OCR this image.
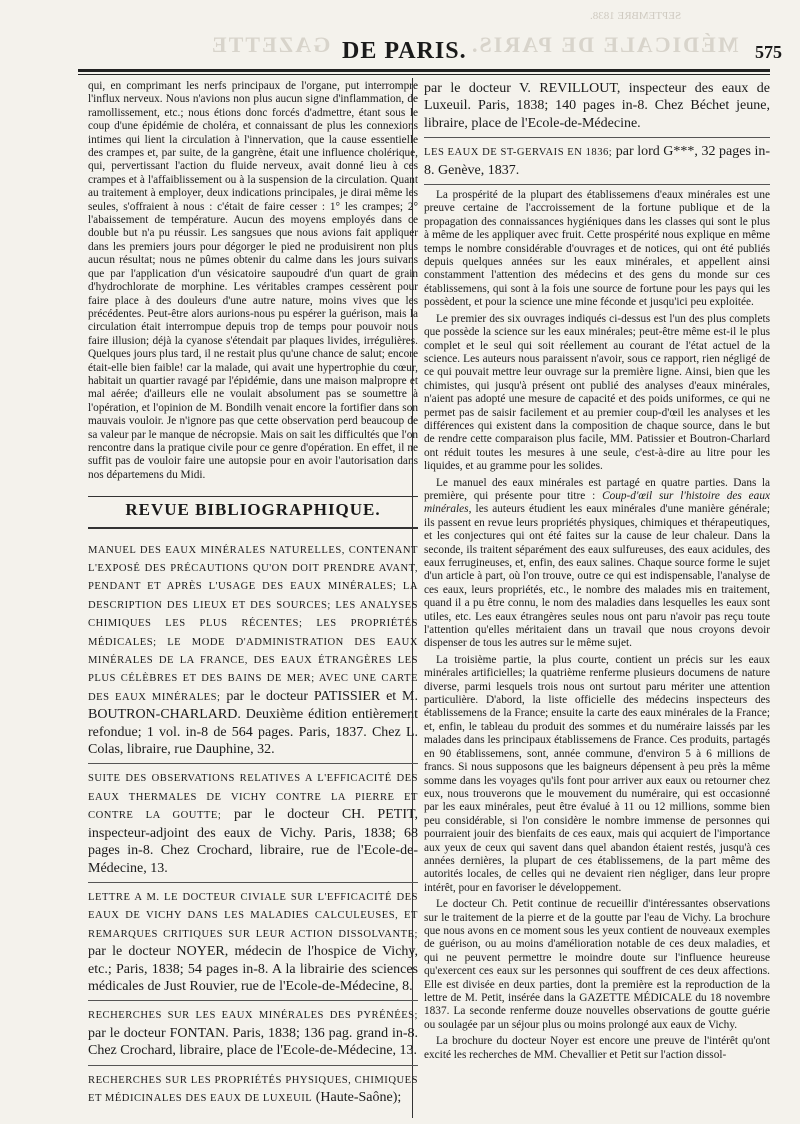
GAZETTE	MÉDICALE DE PARIS.
SEPTEMBRE 1838.
DE PARIS.	575

qui, en comprimant les nerfs principaux de l'organe, put interrompre l'influx nerveux. Nous n'avions non plus aucun signe d'inflammation, de ramollissement, etc.; nous étions donc forcés d'admettre, étant sous le coup d'une épidémie de choléra, et connaissant de plus les connexions intimes qui lient la circulation à l'innervation, que la cause essentielle des crampes et, par suite, de la gangrène, était une influence cholérique, qui, pervertissant l'action du fluide nerveux, avait donné lieu à ces crampes et à l'affaiblissement ou à la suspension de la circulation. Quant au traitement à employer, deux indications principales, je dirai même les seules, s'offraient à nous : c'était de faire cesser : 1° les crampes; 2° l'abaissement de température. Aucun des moyens employés dans ce double but n'a pu réussir. Les sangsues que nous avions fait appliquer dans les premiers jours pour dégorger le pied ne produisirent non plus aucun résultat; nous ne pûmes obtenir du calme dans les jours suivans que par l'application d'un vésicatoire saupoudré d'un quart de grain d'hydrochlorate de morphine. Les véritables crampes cessèrent pour faire place à des douleurs d'une autre nature, moins vives que les précédentes. Peut-être alors aurions-nous pu espérer la guérison, mais la circulation était interrompue depuis trop de temps pour pouvoir nous faire illusion; déjà la cyanose s'étendait par plaques livides, irrégulières. Quelques jours plus tard, il ne restait plus qu'une chance de salut; encore était-elle bien faible! car la malade, qui avait une hypertrophie du cœur, habitait un quartier ravagé par l'épidémie, dans une maison malpropre et mal aérée; d'ailleurs elle ne voulait absolument pas se soumettre à l'opération, et l'opinion de M. Bondilh venait encore la fortifier dans son mauvais vouloir. Je n'ignore pas que cette observation perd beaucoup de sa valeur par le manque de nécropsie. Mais on sait les difficultés que l'on rencontre dans la pratique civile pour ce genre d'opération. En effet, il ne suffit pas de vouloir faire une autopsie pour en avoir l'autorisation dans nos départemens du Midi.

REVUE BIBLIOGRAPHIQUE.
MANUEL DES EAUX MINÉRALES NATURELLES, CONTENANT L'EXPOSÉ DES PRÉCAUTIONS QU'ON DOIT PRENDRE AVANT, PENDANT ET APRÈS L'USAGE DES EAUX MINÉRALES; LA DESCRIPTION DES LIEUX ET DES SOURCES; LES ANALYSES CHIMIQUES LES PLUS RÉCENTES; LES PROPRIÉTÉS MÉDICALES; LE MODE D'ADMINISTRATION DES EAUX MINÉRALES DE LA FRANCE, DES EAUX ÉTRANGÈRES LES PLUS CÉLÈBRES ET DES BAINS DE MER; AVEC UNE CARTE DES EAUX MINÉRALES; par le docteur PATISSIER et M. BOUTRON-CHARLARD. Deuxième édition entièrement refondue; 1 vol. in-8 de 564 pages. Paris, 1837. Chez L. Colas, libraire, rue Dauphine, 32.
SUITE DES OBSERVATIONS RELATIVES A L'EFFICACITÉ DES EAUX THERMALES DE VICHY CONTRE LA PIERRE ET CONTRE LA GOUTTE; par le docteur CH. PETIT, inspecteur-adjoint des eaux de Vichy. Paris, 1838; 68 pages in-8. Chez Crochard, libraire, rue de l'Ecole-de-Médecine, 13.
LETTRE A M. LE DOCTEUR CIVIALE SUR L'EFFICACITÉ DES EAUX DE VICHY DANS LES MALADIES CALCULEUSES, ET REMARQUES CRITIQUES SUR LEUR ACTION DISSOLVANTE; par le docteur NOYER, médecin de l'hospice de Vichy, etc.; Paris, 1838; 54 pages in-8. A la librairie des sciences médicales de Just Rouvier, rue de l'Ecole-de-Médecine, 8.
RECHERCHES SUR LES EAUX MINÉRALES DES PYRÉNÉES; par le docteur FONTAN. Paris, 1838; 136 pag. grand in-8. Chez Crochard, libraire, place de l'Ecole-de-Médecine, 13.
RECHERCHES SUR LES PROPRIÉTÉS PHYSIQUES, CHIMIQUES ET MÉDICINALES DES EAUX DE LUXEUIL (Haute-Saône);
par le docteur V. REVILLOUT, inspecteur des eaux de Luxeuil. Paris, 1838; 140 pages in-8. Chez Béchet jeune, libraire, place de l'Ecole-de-Médecine.
LES EAUX DE ST-GERVAIS EN 1836; par lord G***, 32 pages in-8. Genève, 1837.

La prospérité de la plupart des établissemens d'eaux minérales est une preuve certaine de l'accroissement de la fortune publique et de la propagation des connaissances hygiéniques dans les classes qui sont le plus à même de les appliquer avec fruit. Cette prospérité nous explique en même temps le nombre considérable d'ouvrages et de notices, qui ont été publiés depuis quelques années sur les eaux minérales, et appellent ainsi constamment l'attention des médecins et des gens du monde sur ces établissemens, qui sont à la fois une source de fortune pour les pays qui les possèdent, et pour la science une mine féconde et jusqu'ici peu exploitée.

Le premier des six ouvrages indiqués ci-dessus est l'un des plus complets que possède la science sur les eaux minérales; peut-être même est-il le plus complet et le seul qui soit réellement au courant de l'état actuel de la science. Les auteurs nous paraissent n'avoir, sous ce rapport, rien négligé de ce qui pouvait mettre leur ouvrage sur la première ligne. Ainsi, bien que les chimistes, qui jusqu'à présent ont publié des analyses d'eaux minérales, n'aient pas adopté une mesure de capacité et des poids uniformes, ce qui ne permet pas de saisir facilement et au premier coup-d'œil les analyses et les différences qui existent dans la composition de chaque source, dans le but de rendre cette comparaison plus facile, MM. Patissier et Boutron-Charlard ont réduit toutes les mesures à une seule, c'est-à-dire au litre pour les liquides, et au gramme pour les solides.

Le manuel des eaux minérales est partagé en quatre parties. Dans la première, qui présente pour titre : Coup-d'œil sur l'histoire des eaux minérales, les auteurs étudient les eaux minérales d'une manière générale; ils passent en revue leurs propriétés physiques, chimiques et thérapeutiques, et les conjectures qui ont été faites sur la cause de leur chaleur. Dans la seconde, ils traitent séparément des eaux sulfureuses, des eaux acidules, des eaux ferrugineuses, et, enfin, des eaux salines. Chaque source forme le sujet d'un article à part, où l'on trouve, outre ce qui est indispensable, l'analyse de ces eaux, leurs propriétés, etc., le nombre des malades mis en traitement, quand il a pu être connu, le nom des maladies dans lesquelles les eaux sont utiles, etc. Les eaux étrangères seules nous ont paru n'avoir pas reçu toute l'attention qu'elles méritaient dans un travail que nous croyons devoir dispenser de tous les autres sur le même sujet.

La troisième partie, la plus courte, contient un précis sur les eaux minérales artificielles; la quatrième renferme plusieurs documens de nature diverse, parmi lesquels trois nous ont surtout paru mériter une attention particulière. D'abord, la liste officielle des médecins inspecteurs des établissemens de la France; ensuite la carte des eaux minérales de la France; et, enfin, le tableau du produit des sommes et du numéraire laissés par les malades dans les principaux établissemens de France. Ces produits, partagés en 90 établissemens, sont, année commune, d'environ 5 à 6 millions de francs. Si nous supposons que les baigneurs dépensent à peu près la même somme dans les voyages qu'ils font pour arriver aux eaux ou retourner chez eux, nous trouverons que le mouvement du numéraire, qui est occasionné par les eaux minérales, peut être évalué à 11 ou 12 millions, somme bien peu considérable, si l'on considère le nombre immense de personnes qui pourraient jouir des bienfaits de ces eaux, mais qui acquiert de l'importance aux yeux de ceux qui savent dans quel abandon étaient restés, jusqu'à ces années dernières, la plupart de ces établissemens, de la part même des autorités locales, de celles qui ne devaient rien négliger, dans leur propre intérêt, pour en favoriser le développement.

Le docteur Ch. Petit continue de recueillir d'intéressantes observations sur le traitement de la pierre et de la goutte par l'eau de Vichy. La brochure que nous avons en ce moment sous les yeux contient de nouveaux exemples de guérison, ou au moins d'amélioration notable de ces deux maladies, et qui ne peuvent permettre le moindre doute sur l'influence heureuse qu'exercent ces eaux sur les personnes qui souffrent de ces deux affections. Elle est divisée en deux parties, dont la première est la reproduction de la lettre de M. Petit, insérée dans la GAZETTE MÉDICALE du 18 novembre 1837. La seconde renferme douze nouvelles observations de goutte guérie ou soulagée par un séjour plus ou moins prolongé aux eaux de Vichy.

La brochure du docteur Noyer est encore une preuve de l'intérêt qu'ont excité les recherches de MM. Chevallier et Petit sur l'action dissol-
